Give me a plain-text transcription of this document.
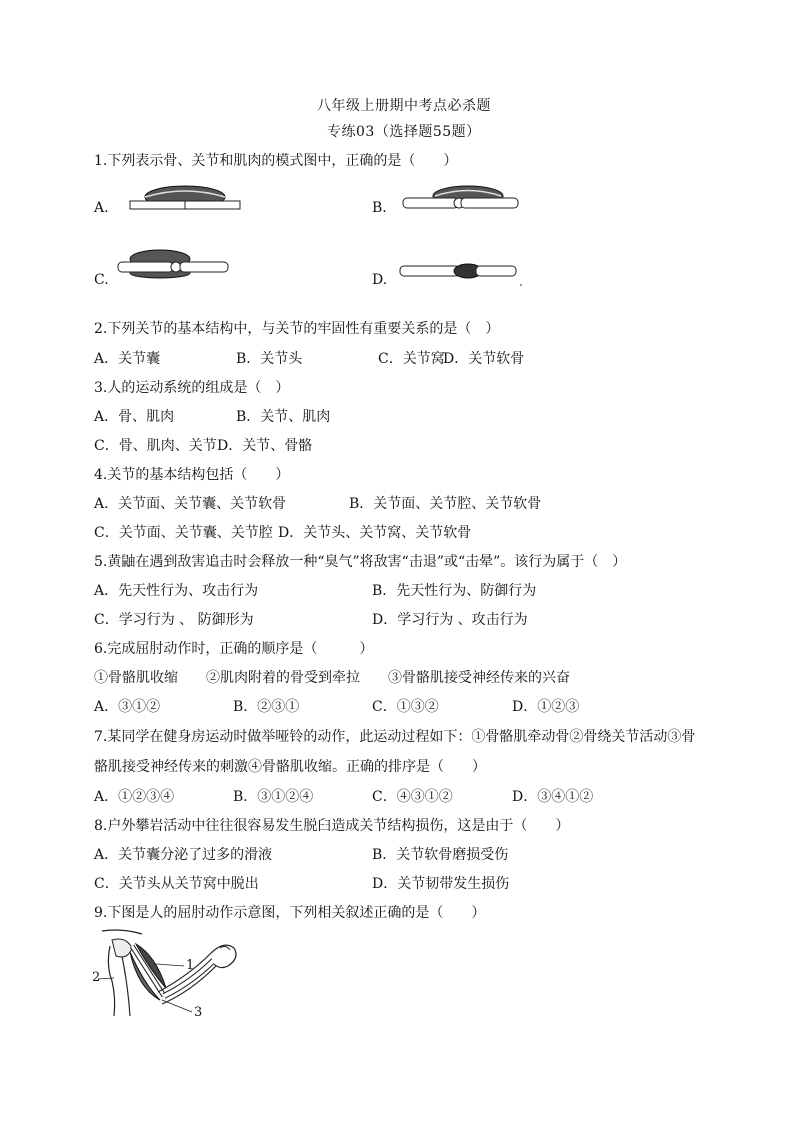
八年级上册期中考点必杀题
专练03（选择题55题）
1.下列表示骨、关节和肌肉的模式图中，正确的是（　　）
A.	B.
C.	D.
2.下列关节的基本结构中，与关节的牢固性有重要关系的是（　）
A．关节囊	B．关节头	C．关节窝
D．关节软骨
3.人的运动系统的组成是（　）
A．骨、肌肉	B．关节、肌肉
C．骨、肌肉、关节 D．关节、骨骼
4.关节的基本结构包括（　　）
A．关节面、关节囊、关节软骨	B．关节面、关节腔、关节软骨
C．关节面、关节囊、关节腔 D．关节头、关节窝、关节软骨
5.黄鼬在遇到敌害追击时会释放一种“臭气”将敌害“击退”或“击晕”。该行为属于（　）
A．先天性行为、攻击行为	B．先天性行为、防御行为
C．学习行为 、 防御形为	D．学习行为 、攻击行为
6.完成屈肘动作时，正确的顺序是（　　　）
①骨骼肌收缩　　②肌肉附着的骨受到牵拉　　③骨骼肌接受神经传来的兴奋
A．③①②	B．②③①	C．①③②	D．①②③
7.某同学在健身房运动时做举哑铃的动作，此运动过程如下：①骨骼肌牵动骨②骨绕关节活动③骨
骼肌接受神经传来的刺激④骨骼肌收缩。正确的排序是（　　）
A．①②③④	B．③①②④	C．④③①②	D．③④①②
8.户外攀岩活动中往往很容易发生脱臼造成关节结构损伤，这是由于（　　）
A．关节囊分泌了过多的滑液	B．关节软骨磨损受伤
C．关节头从关节窝中脱出	D．关节韧带发生损伤
9.下图是人的屈肘动作示意图，下列相关叙述正确的是（　　）
1
2
3
